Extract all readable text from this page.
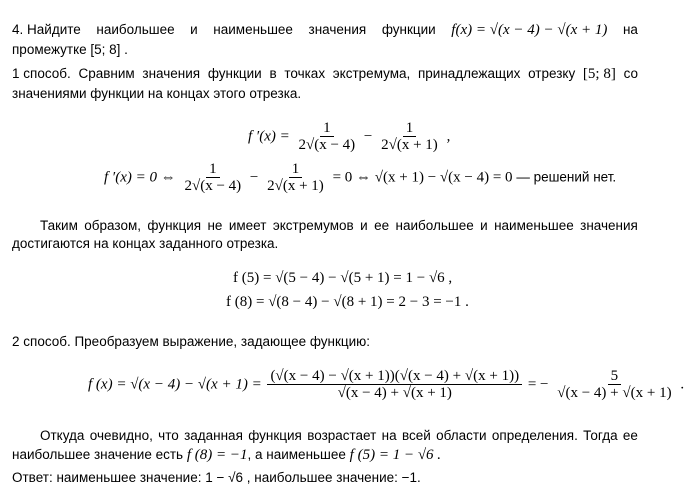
4. Найдите наибольшее и наименьшее значения функции f(x) = √(x − 4) − √(x + 1) на
промежутке [5; 8] .
1 способ. Сравним значения функции в точках экстремума, принадлежащих отрезку [5; 8] со
значениями функции на концах этого отрезка.
f $'(x) = \frac{1}{2√(x - 4)} - \frac{1}{2√(x + 1)}$ ,
f ′(x) = 0 ⇔ $\frac{1}{2√(x - 4)} - \frac{1}{2√(x + 1)} = 0$ ⇔ √(x + 1) − √(x − 4) = 0 — решений нет.
Таким образом, функция не имеет экстремумов и ее наибольшее и наименьшее значения
достигаются на концах заданного отрезка.
f (5) = √(5 − 4) − √(5 + 1) = 1 − √6 ,
f (8) = √(8 − 4) − √(8 + 1) = 2 − 3 = −1 .
2 способ. Преобразуем выражение, задающее функцию:
f $(x) = √(x - 4) - √(x + 1) = \frac{(√(x - 4) - √(x + 1))(√(x - 4) + √(x + 1))}{√(x - 4) + √(x + 1)}$ = − $\frac{5}{√(x - 4) + √(x + 1)}$ .
Откуда очевидно, что заданная функция возрастает на всей области определения. Тогда ее
наибольшее значение есть f (8) = −1, а наименьшее f (5) = 1 − √6 .
Ответ: наименьшее значение: 1 − √6 , наибольшее значение: −1.
